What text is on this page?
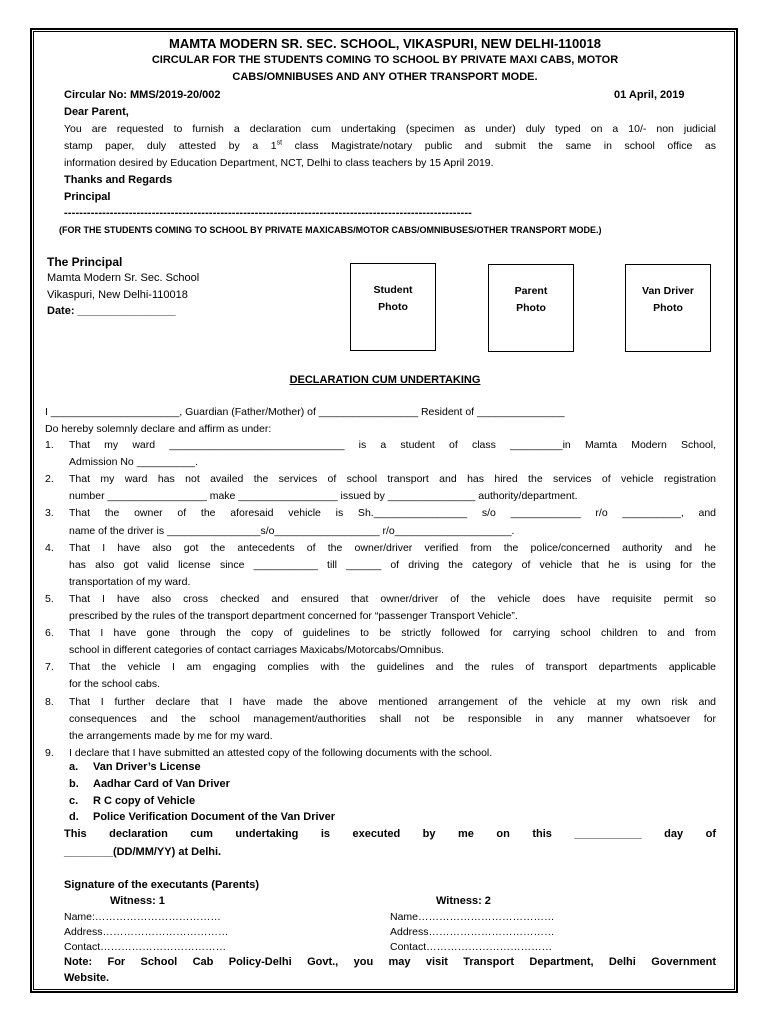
MAMTA MODERN SR. SEC. SCHOOL, VIKASPURI, NEW DELHI-110018
CIRCULAR FOR THE STUDENTS COMING TO SCHOOL BY PRIVATE MAXI CABS, MOTOR
CABS/OMNIBUSES AND ANY OTHER TRANSPORT MODE.
Circular No: MMS/2019-20/002	01 April, 2019
Dear Parent,
You are requested to furnish a declaration cum undertaking (specimen as under) duly typed on a 10/- non judicial
stamp paper, duly attested by a 1st class Magistrate/notary public and submit the same in school office as
information desired by Education Department, NCT, Delhi to class teachers by 15 April 2019.
Thanks and Regards
Principal
-----------------------------------------------------------------------------------------------------------
(FOR THE STUDENTS COMING TO SCHOOL BY PRIVATE MAXICABS/MOTOR CABS/OMNIBUSES/OTHER TRANSPORT MODE.)
The Principal
Mamta Modern Sr. Sec. School
Vikaspuri, New Delhi-110018
Date: ________________
Student
Photo
Parent
Photo
Van Driver
Photo
DECLARATION CUM UNDERTAKING
I ______________________, Guardian (Father/Mother) of _________________ Resident of _______________
Do hereby solemnly declare and affirm as under:
1. That my ward ______________________________ is a student of class _________in Mamta Modern School,
Admission No __________.
2. That my ward has not availed the services of school transport and has hired the services of vehicle registration
number _________________ make _________________ issued by _______________ authority/department.
3. That the owner of the aforesaid vehicle is Sh.________________ s/o ____________ r/o __________, and
name of the driver is ________________s/o__________________ r/o____________________.
4. That I have also got the antecedents of the owner/driver verified from the police/concerned authority and he
has also got valid license since ___________ till ______ of driving the category of vehicle that he is using for the
transportation of my ward.
5. That I have also cross checked and ensured that owner/driver of the vehicle does have requisite permit so
prescribed by the rules of the transport department concerned for “passenger Transport Vehicle”.
6. That I have gone through the copy of guidelines to be strictly followed for carrying school children to and from
school in different categories of contact carriages Maxicabs/Motorcabs/Omnibus.
7. That the vehicle I am engaging complies with the guidelines and the rules of transport departments applicable
for the school cabs.
8. That I further declare that I have made the above mentioned arrangement of the vehicle at my own risk and
consequences and the school management/authorities shall not be responsible in any manner whatsoever for
the arrangements made by me for my ward.
9. I declare that I have submitted an attested copy of the following documents with the school.
a. Van Driver’s License
b. Aadhar Card of Van Driver
c. R C copy of Vehicle
d. Police Verification Document of the Van Driver
This declaration cum undertaking is executed by me on this ___________ day of
________(DD/MM/YY) at Delhi.
Signature of the executants (Parents)
Witness: 1	Witness: 2
Name:………………………………
Address………………………………
Contact………………………………
Name…………………………………
Address………………………………
Contact………………………………
Note: For School Cab Policy-Delhi Govt., you may visit Transport Department, Delhi Government
Website.
